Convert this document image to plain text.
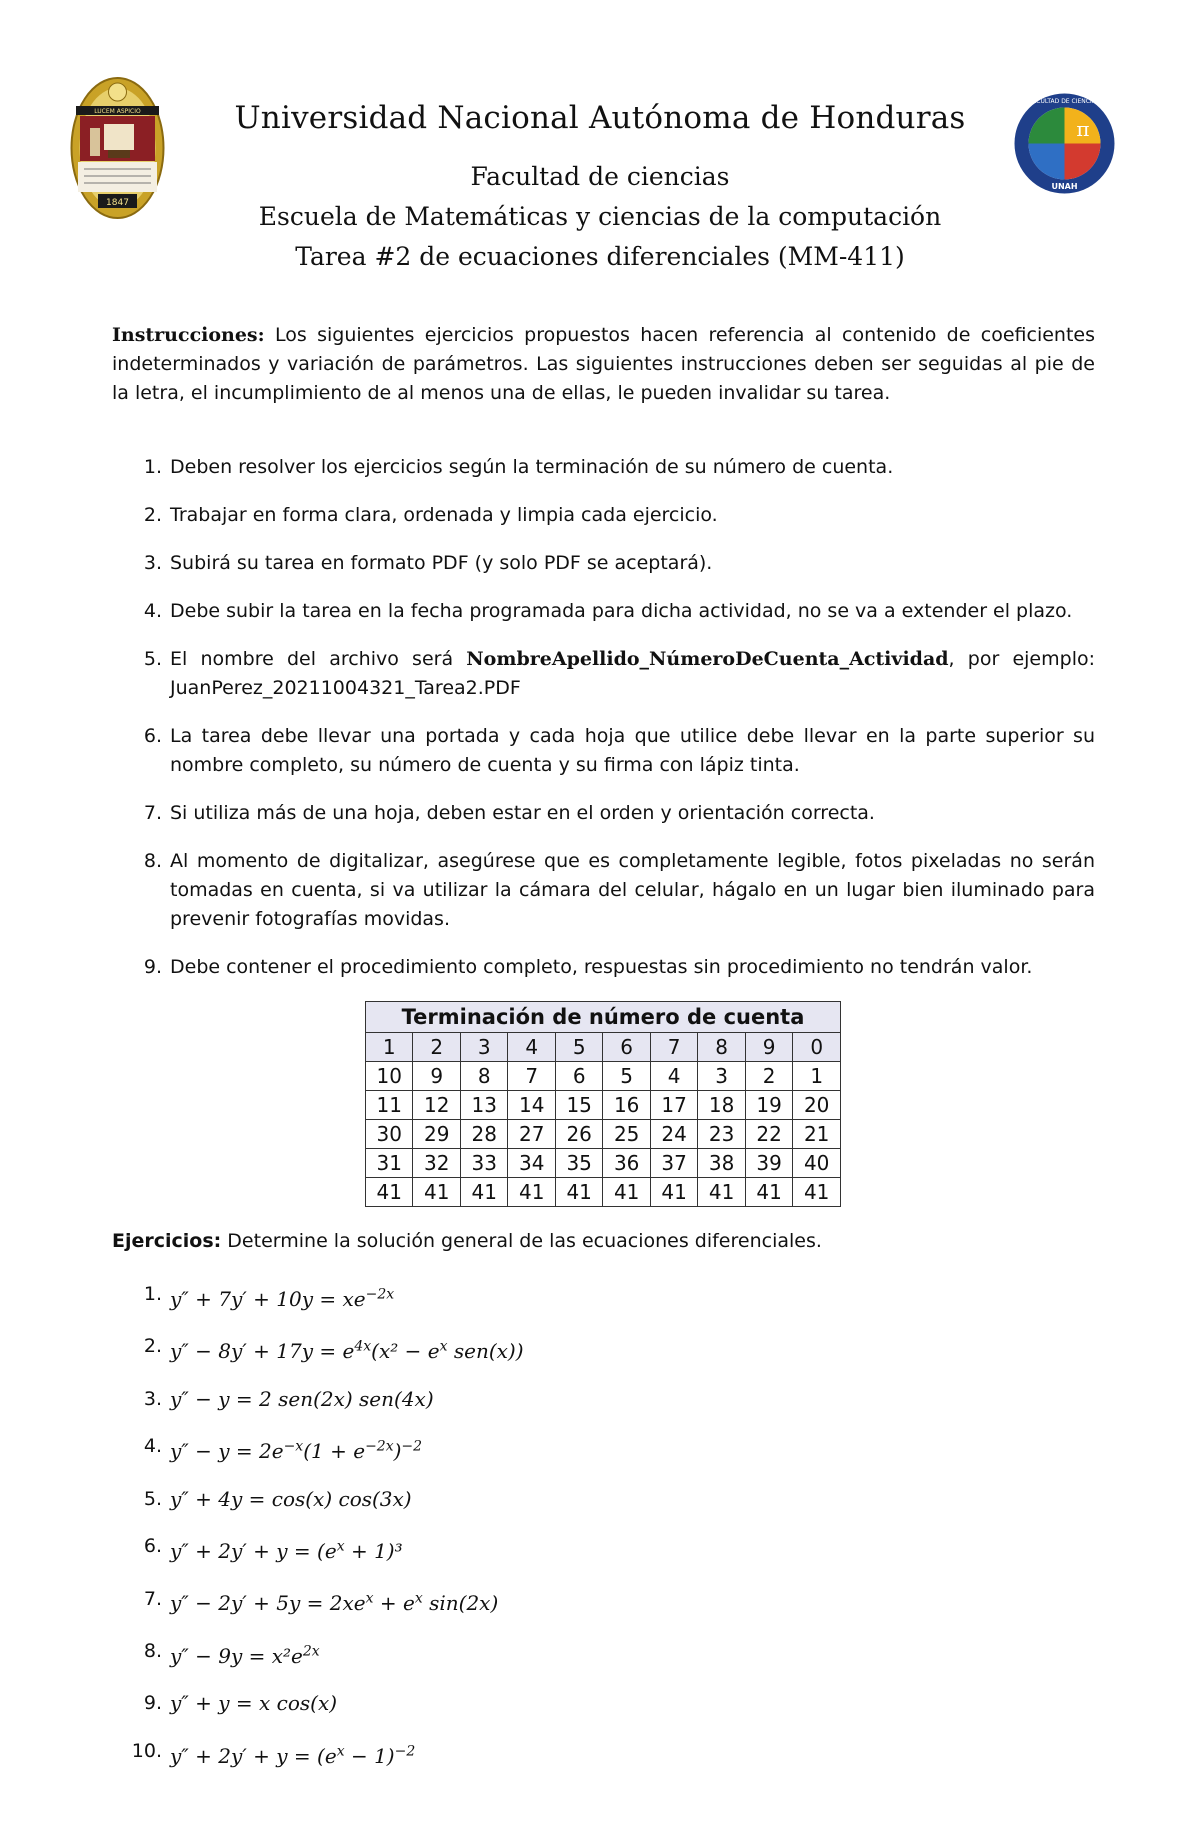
LUCEM ASPICIO
1847
π
FACULTAD DE CIENCIAS
UNAH
Universidad Nacional Autónoma de Honduras
Facultad de ciencias
Escuela de Matemáticas y ciencias de la computación
Tarea #2 de ecuaciones diferenciales (MM-411)
Instrucciones: Los siguientes ejercicios propuestos hacen referencia al contenido de coeficientes indeterminados y variación de parámetros. Las siguientes instrucciones deben ser seguidas al pie de la letra, el incumplimiento de al menos una de ellas, le pueden invalidar su tarea.
1. Deben resolver los ejercicios según la terminación de su número de cuenta.
2. Trabajar en forma clara, ordenada y limpia cada ejercicio.
3. Subirá su tarea en formato PDF (y solo PDF se aceptará).
4. Debe subir la tarea en la fecha programada para dicha actividad, no se va a extender el plazo.
5. El nombre del archivo será NombreApellido_NúmeroDeCuenta_Actividad, por ejemplo: JuanPerez_20211004321_Tarea2.PDF
6. La tarea debe llevar una portada y cada hoja que utilice debe llevar en la parte superior su nombre completo, su número de cuenta y su firma con lápiz tinta.
7. Si utiliza más de una hoja, deben estar en el orden y orientación correcta.
8. Al momento de digitalizar, asegúrese que es completamente legible, fotos pixeladas no serán tomadas en cuenta, si va utilizar la cámara del celular, hágalo en un lugar bien iluminado para prevenir fotografías movidas.
9. Debe contener el procedimiento completo, respuestas sin procedimiento no tendrán valor.
Terminación de número de cuenta									
1	2	3	4	5	6	7	8	9	0
10	9	8	7	6	5	4	3	2	1
11	12	13	14	15	16	17	18	19	20
30	29	28	27	26	25	24	23	22	21
31	32	33	34	35	36	37	38	39	40
41	41	41	41	41	41	41	41	41	41
Ejercicios: Determine la solución general de las ecuaciones diferenciales.
1. $y'' + 7y' + 10y = xe^{-2x}$
2. $y'' - 8y' + 17y = e^{4x}(x^2 - e^x$ sen(x))
3. y″ − y = 2 sen(2x) sen(4x)
4. $y'' - y = 2e^{-x}(1 + e^{-2x})^{-2}$
5. y″ + 4y = cos(x) cos(3x)
6. $y'' + 2y' + y = (e^x + 1)^3$
7. $y'' - 2y' + 5y = 2xe^x + e^x$ sin(2x)
8. $y'' - 9y = x^2e^{2x}$
9. y″ + y = x cos(x)
10. $y'' + 2y' + y = (e^x - 1)^{-2}$
